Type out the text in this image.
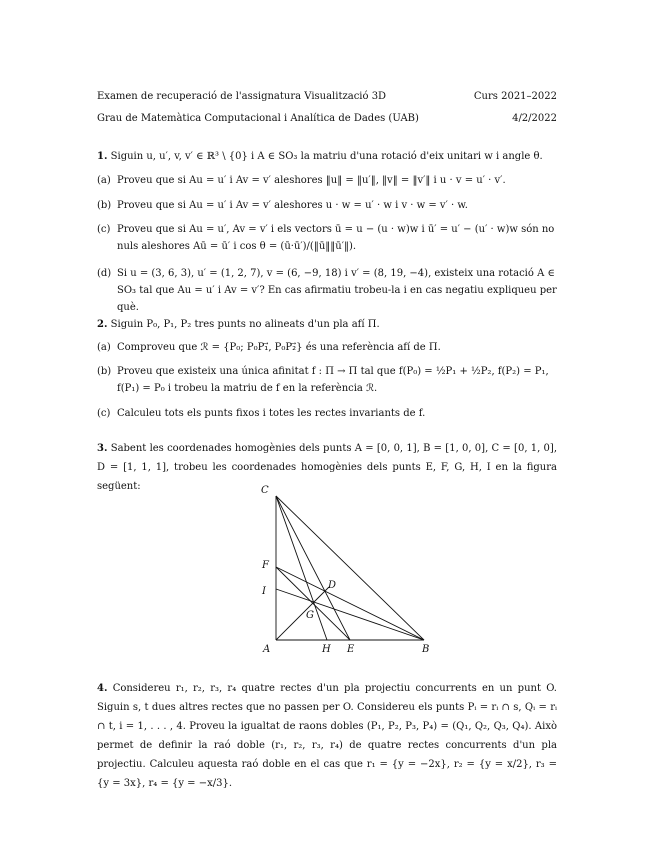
Examen de recuperació de l'assignatura Visualització 3D	Curs 2021–2022
Grau de Matemàtica Computacional i Analítica de Dades (UAB)	4/2/2022
1. Siguin u, u′, v, v′ ∈ ℝ³ \ {0} i A ∈ SO₃ la matriu d'una rotació d'eix unitari w i angle θ.
(a) Proveu que si Au = u′ i Av = v′ aleshores ‖u‖ = ‖u′‖, ‖v‖ = ‖v′‖ i u · v = u′ · v′.
(b) Proveu que si Au = u′ i Av = v′ aleshores u · w = u′ · w i v · w = v′ · w.
(c) Proveu que si Au = u′, Av = v′ i els vectors ū = u − (u · w)w i ū′ = u′ − (u′ · w)w són no nuls aleshores Aū = ū′ i cos θ = (ū·ū′)/(‖ū‖‖ū′‖).
(d) Si u = (3, 6, 3), u′ = (1, 2, 7), v = (6, −9, 18) i v′ = (8, 19, −4), existeix una rotació A ∈ SO₃ tal que Au = u′ i Av = v′? En cas afirmatiu trobeu-la i en cas negatiu expliqueu per què.
2. Siguin P₀, P₁, P₂ tres punts no alineats d'un pla afí Π.
(a) Comproveu que ℛ = {P₀; P₀P₁⃗, P₀P₂⃗} és una referència afí de Π.
(b) Proveu que existeix una única afinitat f : Π → Π tal que f(P₀) = ½P₁ + ½P₂, f(P₂) = P₁, f(P₁) = P₀ i trobeu la matriu de f en la referència ℛ.
(c) Calculeu tots els punts fixos i totes les rectes invariants de f.
3. Sabent les coordenades homogènies dels punts A = [0, 0, 1], B = [1, 0, 0], C = [0, 1, 0], D = [1, 1, 1], trobeu les coordenades homogènies dels punts E, F, G, H, I en la figura següent:	C
F
I
D
G
A	H E	B
4. Considereu r₁, r₂, r₃, r₄ quatre rectes d'un pla projectiu concurrents en un punt O. Siguin s, t dues altres rectes que no passen per O. Considereu els punts Pᵢ = rᵢ ∩ s, Qᵢ = rᵢ ∩ t, i = 1, . . . , 4. Proveu la igualtat de raons dobles (P₁, P₂, P₃, P₄) = (Q₁, Q₂, Q₃, Q₄). Això permet de definir la raó doble (r₁, r₂, r₃, r₄) de quatre rectes concurrents d'un pla projectiu. Calculeu aquesta raó doble en el cas que r₁ = {y = −2x}, r₂ = {y = x/2}, r₃ = {y = 3x}, r₄ = {y = −x/3}.
